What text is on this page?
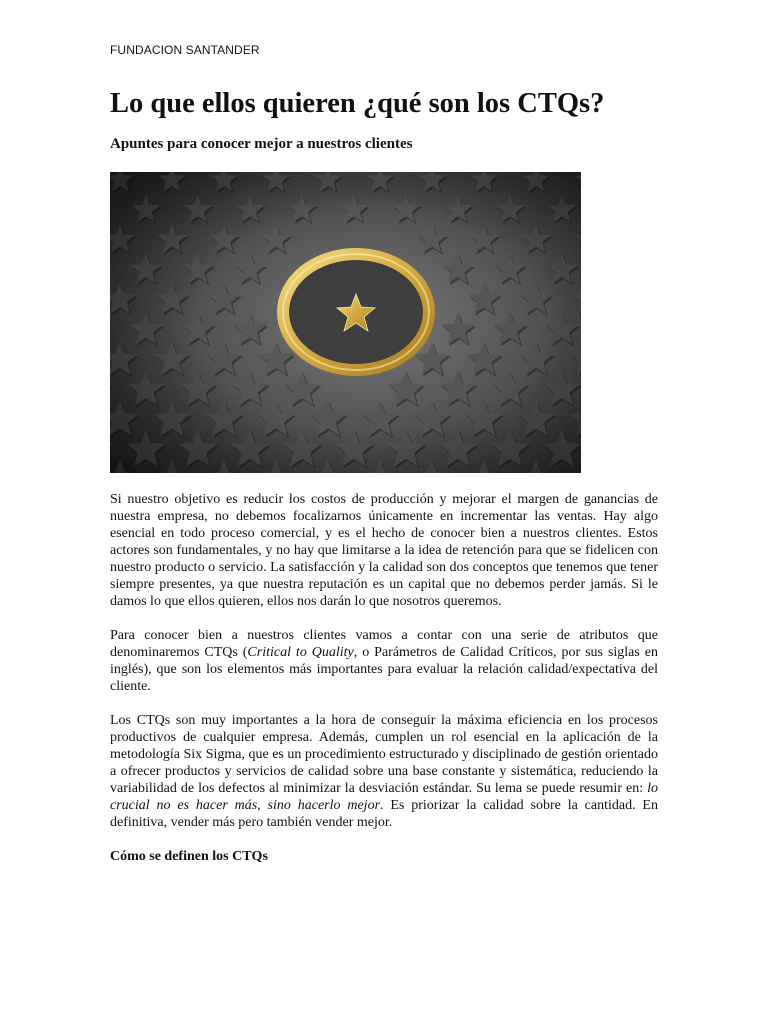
FUNDACION SANTANDER
Lo que ellos quieren ¿qué son los CTQs?
Apuntes para conocer mejor a nuestros clientes

Si nuestro objetivo es reducir los costos de producción y mejorar el margen de ganancias de nuestra empresa, no debemos focalizarnos únicamente en incrementar las ventas. Hay algo esencial en todo proceso comercial, y es el hecho de conocer bien a nuestros clientes. Estos actores son fundamentales, y no hay que limitarse a la idea de retención para que se fidelicen con nuestro producto o servicio. La satisfacción y la calidad son dos conceptos que tenemos que tener siempre presentes, ya que nuestra reputación es un capital que no debemos perder jamás. Si le damos lo que ellos quieren, ellos nos darán lo que nosotros queremos.

Para conocer bien a nuestros clientes vamos a contar con una serie de atributos que denominaremos CTQs (Critical to Quality, o Parámetros de Calidad Críticos, por sus siglas en inglés), que son los elementos más importantes para evaluar la relación calidad/expectativa del cliente.

Los CTQs son muy importantes a la hora de conseguir la máxima eficiencia en los procesos productivos de cualquier empresa. Además, cumplen un rol esencial en la aplicación de la metodología Six Sigma, que es un procedimiento estructurado y disciplinado de gestión orientado a ofrecer productos y servicios de calidad sobre una base constante y sistemática, reduciendo la variabilidad de los defectos al minimizar la desviación estándar. Su lema se puede resumir en: lo crucial no es hacer más, sino hacerlo mejor. Es priorizar la calidad sobre la cantidad. En definitiva, vender más pero también vender mejor.

Cómo se definen los CTQs
